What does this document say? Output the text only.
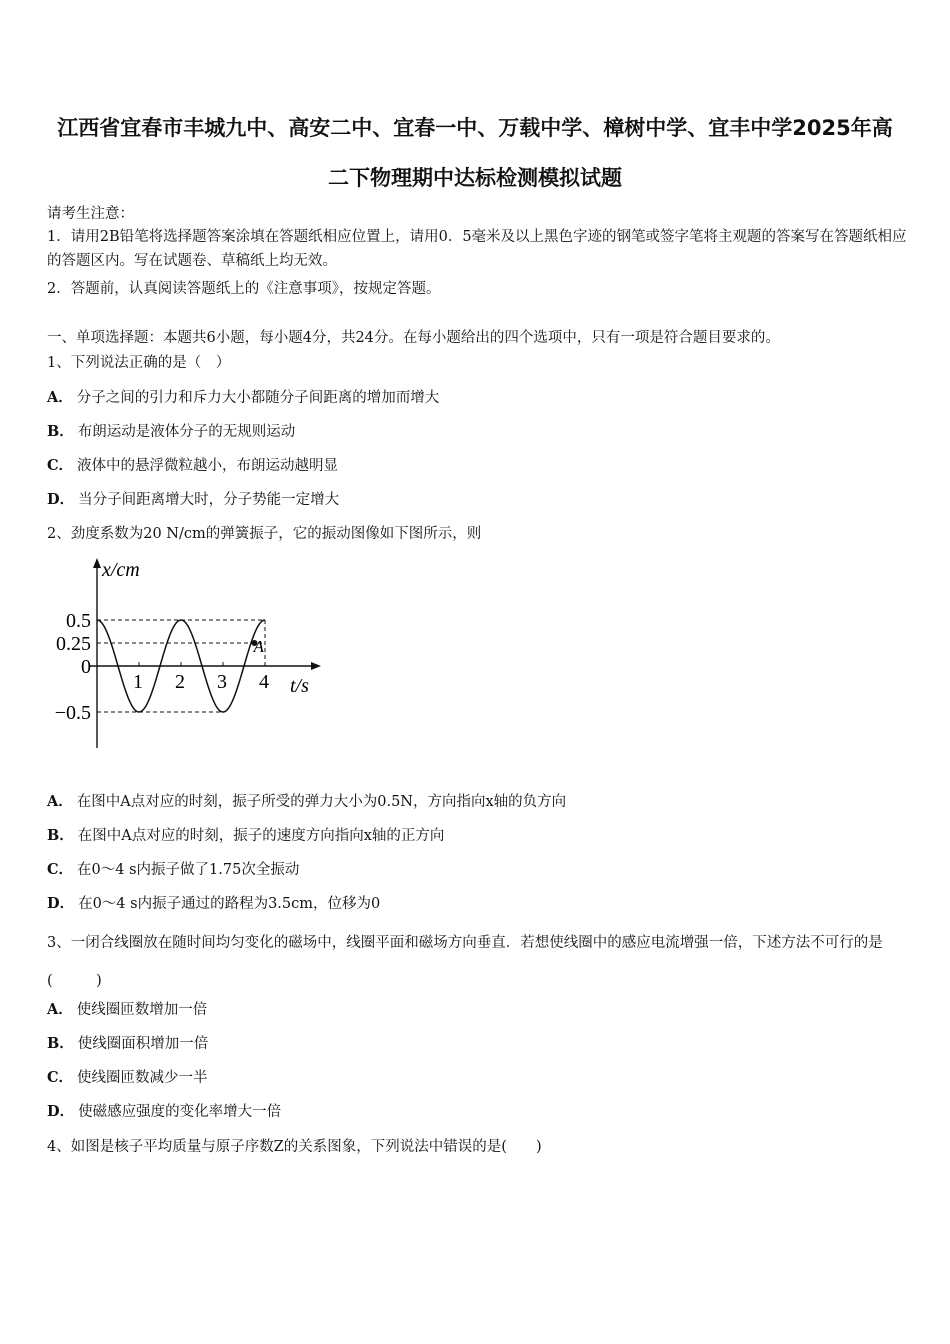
江西省宜春市丰城九中、高安二中、宜春一中、万载中学、樟树中学、宜丰中学2025年高
二下物理期中达标检测模拟试题
请考生注意：
1．请用2B铅笔将选择题答案涂填在答题纸相应位置上，请用0．5毫米及以上黑色字迹的钢笔或签字笔将主观题的答案写在答题纸相应的答题区内。写在试题卷、草稿纸上均无效。
2．答题前，认真阅读答题纸上的《注意事项》，按规定答题。
一、单项选择题：本题共6小题，每小题4分，共24分。在每小题给出的四个选项中，只有一项是符合题目要求的。
1、下列说法正确的是（　）
A． 分子之间的引力和斥力大小都随分子间距离的增加而增大
B． 布朗运动是液体分子的无规则运动
C． 液体中的悬浮微粒越小，布朗运动越明显
D． 当分子间距离增大时，分子势能一定增大
2、劲度系数为20 N/cm的弹簧振子，它的振动图像如下图所示，则
x/cm
t/s
1 2 3 4
0.5
0.25
0
−0.5
A
A． 在图中A点对应的时刻，振子所受的弹力大小为0.5N，方向指向x轴的负方向
B． 在图中A点对应的时刻，振子的速度方向指向x轴的正方向
C． 在0～4 s内振子做了1.75次全振动
D． 在0～4 s内振子通过的路程为3.5cm，位移为0
3、一闭合线圈放在随时间均匀变化的磁场中，线圈平面和磁场方向垂直．若想使线圈中的感应电流增强一倍，下述方法不可行的是(　　　)
A． 使线圈匝数增加一倍
B． 使线圈面积增加一倍
C． 使线圈匝数减少一半
D． 使磁感应强度的变化率增大一倍
4、如图是核子平均质量与原子序数Z的关系图象，下列说法中错误的是(　　)
